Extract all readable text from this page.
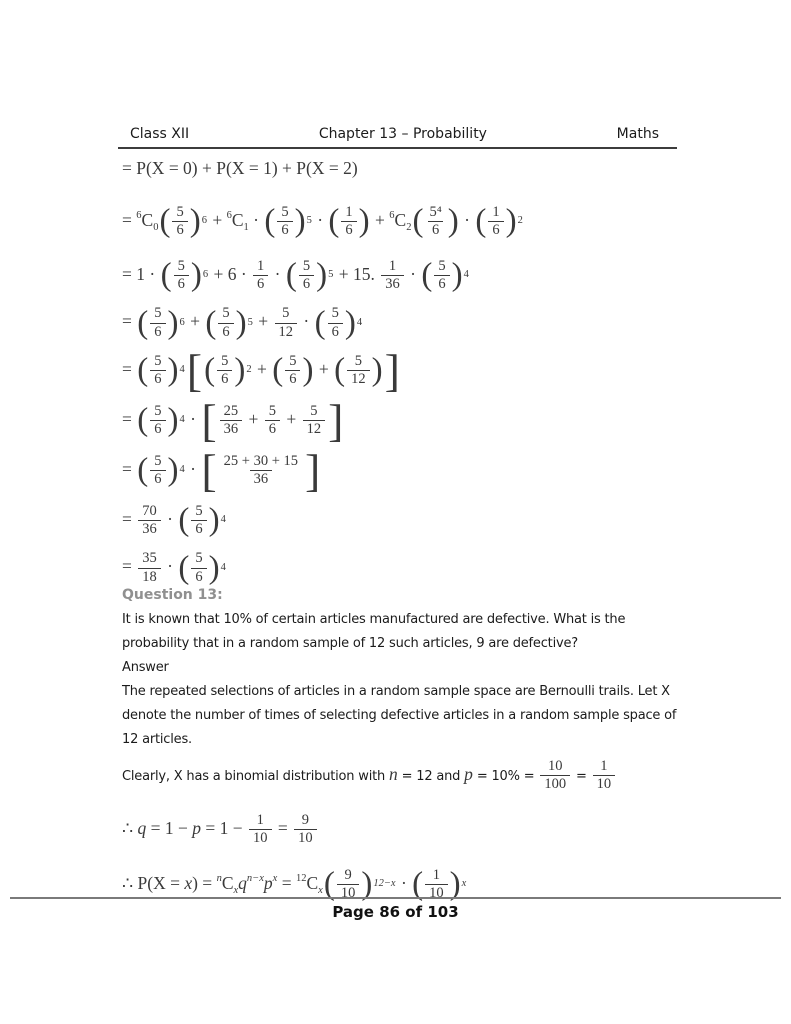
Class XII	Chapter 13 – Probability	Maths
= P(X = 0) + P(X = 1) + P(X = 2)
= $^6C_0$ ( $\frac{5}{6}$ ) $6 + ^6C_1$ · ( $\frac{5}{6}$ ) 5 · ( $\frac{1}{6}$ ) + $^6C_2$ ( $\frac{\text{5⁴}}{6}$ ) · ( $\frac{1}{6}$ ) 2
= 1 · ( $\frac{5}{6}$ ) $6 + 6 \cdot \frac{1}{6}$ · ( $\frac{5}{6}$ ) 5 + 15. $\frac{1}{36}$ · ( $\frac{5}{6}$ ) 4
= ( $\frac{5}{6}$ ) 6 + ( $\frac{5}{6}$ ) $5 + \frac{5}{12}$ · ( $\frac{5}{6}$ ) 4
= ( $\frac{5}{6}$ ) 4 [ ( $\frac{5}{6}$ ) 2 + ( $\frac{5}{6}$ ) + ( $\frac{5}{12}$ ) ]
= ( $\frac{5}{6}$ ) 4 · [ $\frac{25}{36} + \frac{5}{6} + \frac{5}{12}$ ]
= ( $\frac{5}{6}$ ) 4 · [ $\frac{25 + 30 + 15}{36}$ ]
= $\frac{70}{36}$ · ( $\frac{5}{6}$ ) 4
= $\frac{35}{18}$ · ( $\frac{5}{6}$ ) 4
Question 13:
It is known that 10% of certain articles manufactured are defective. What is the
probability that in a random sample of 12 such articles, 9 are defective?
Answer
The repeated selections of articles in a random sample space are Bernoulli trails. Let X
denote the number of times of selecting defective articles in a random sample space of
12 articles.
Clearly, X has a binomial distribution with n = 12 and $p = 10\% = \frac{10}{100} = \frac{1}{10}$
∴ $q = 1 - p = 1 - \frac{1}{10} = \frac{9}{10}$
∴ $P(X = x) = ^nC_xq^{n-x}p^x = ^{12}C_x$ ( $\frac{9}{10}$ ) 12−x · ( $\frac{1}{10}$ ) x
Page 86 of 103
